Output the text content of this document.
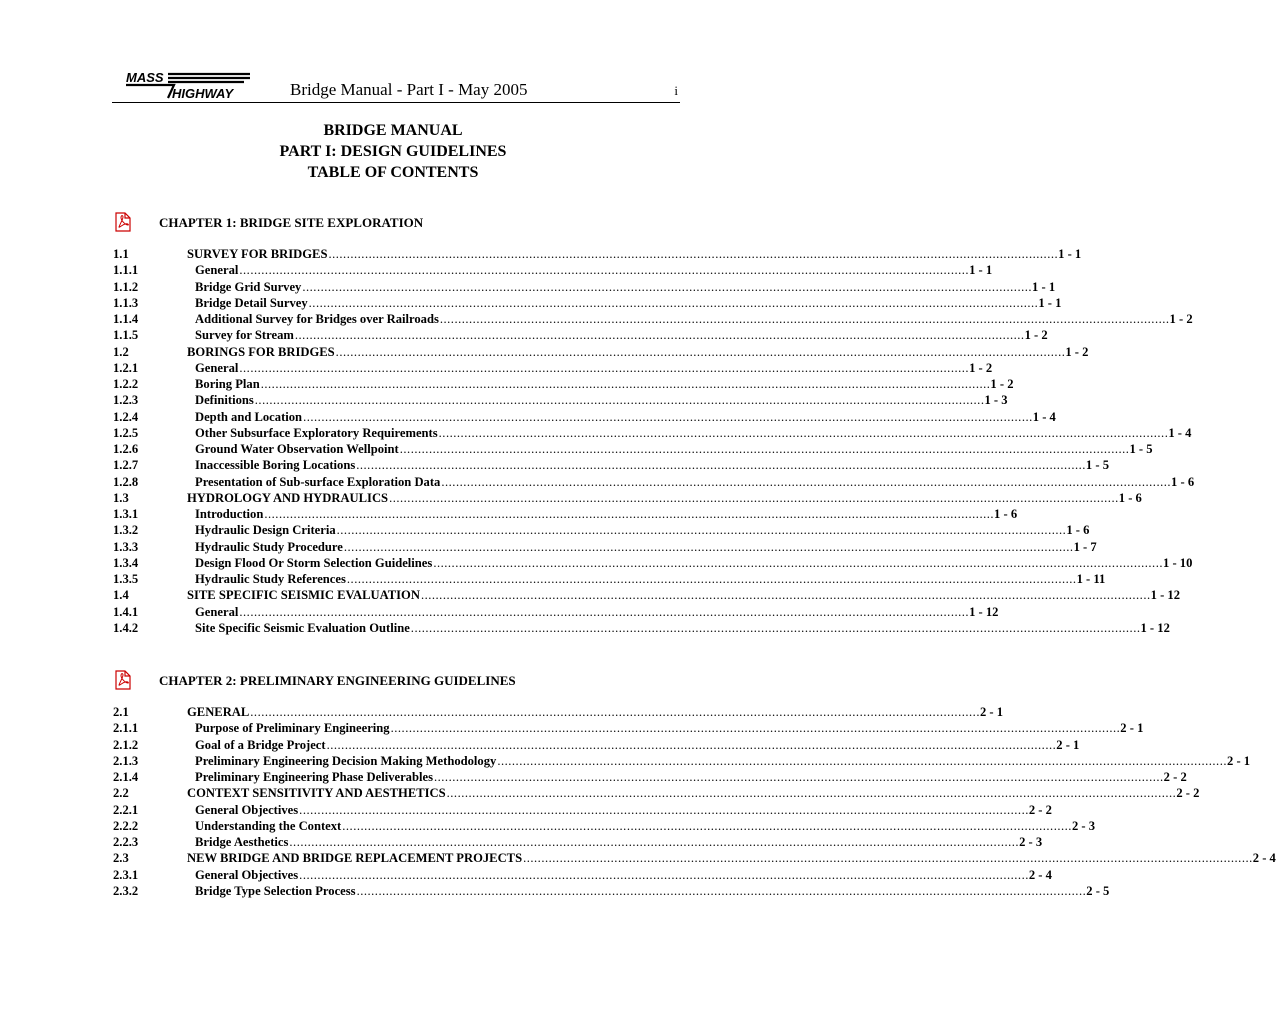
MASS
HIGHWAY	Bridge Manual - Part I - May 2005	i
BRIDGE MANUAL
PART I: DESIGN GUIDELINES
TABLE OF CONTENTS
CHAPTER 1: BRIDGE SITE EXPLORATION
1.1	SURVEY FOR BRIDGES ........................................................................................................................................................................................................ 1 - 1
1.1.1	General ........................................................................................................................................................................................................ 1 - 1
1.1.2	Bridge Grid Survey ........................................................................................................................................................................................................ 1 - 1
1.1.3	Bridge Detail Survey ........................................................................................................................................................................................................ 1 - 1
1.1.4	Additional Survey for Bridges over Railroads ........................................................................................................................................................................................................ 1 - 2
1.1.5	Survey for Stream ........................................................................................................................................................................................................ 1 - 2
1.2	BORINGS FOR BRIDGES ........................................................................................................................................................................................................ 1 - 2
1.2.1	General ........................................................................................................................................................................................................ 1 - 2
1.2.2	Boring Plan ........................................................................................................................................................................................................ 1 - 2
1.2.3	Definitions ........................................................................................................................................................................................................ 1 - 3
1.2.4	Depth and Location ........................................................................................................................................................................................................ 1 - 4
1.2.5	Other Subsurface Exploratory Requirements ........................................................................................................................................................................................................ 1 - 4
1.2.6	Ground Water Observation Wellpoint ........................................................................................................................................................................................................ 1 - 5
1.2.7	Inaccessible Boring Locations ........................................................................................................................................................................................................ 1 - 5
1.2.8	Presentation of Sub-surface Exploration Data ........................................................................................................................................................................................................ 1 - 6
1.3	HYDROLOGY AND HYDRAULICS ........................................................................................................................................................................................................ 1 - 6
1.3.1	Introduction ........................................................................................................................................................................................................ 1 - 6
1.3.2	Hydraulic Design Criteria ........................................................................................................................................................................................................ 1 - 6
1.3.3	Hydraulic Study Procedure ........................................................................................................................................................................................................ 1 - 7
1.3.4	Design Flood Or Storm Selection Guidelines ........................................................................................................................................................................................................ 1 - 10
1.3.5	Hydraulic Study References ........................................................................................................................................................................................................ 1 - 11
1.4	SITE SPECIFIC SEISMIC EVALUATION ........................................................................................................................................................................................................ 1 - 12
1.4.1	General ........................................................................................................................................................................................................ 1 - 12
1.4.2	Site Specific Seismic Evaluation Outline ........................................................................................................................................................................................................ 1 - 12
CHAPTER 2: PRELIMINARY ENGINEERING GUIDELINES
2.1	GENERAL ........................................................................................................................................................................................................ 2 - 1
2.1.1	Purpose of Preliminary Engineering ........................................................................................................................................................................................................ 2 - 1
2.1.2	Goal of a Bridge Project ........................................................................................................................................................................................................ 2 - 1
2.1.3	Preliminary Engineering Decision Making Methodology ........................................................................................................................................................................................................ 2 - 1
2.1.4	Preliminary Engineering Phase Deliverables ........................................................................................................................................................................................................ 2 - 2
2.2	CONTEXT SENSITIVITY AND AESTHETICS ........................................................................................................................................................................................................ 2 - 2
2.2.1	General Objectives ........................................................................................................................................................................................................ 2 - 2
2.2.2	Understanding the Context ........................................................................................................................................................................................................ 2 - 3
2.2.3	Bridge Aesthetics ........................................................................................................................................................................................................ 2 - 3
2.3	NEW BRIDGE AND BRIDGE REPLACEMENT PROJECTS ........................................................................................................................................................................................................ 2 - 4
2.3.1	General Objectives ........................................................................................................................................................................................................ 2 - 4
2.3.2	Bridge Type Selection Process ........................................................................................................................................................................................................ 2 - 5
